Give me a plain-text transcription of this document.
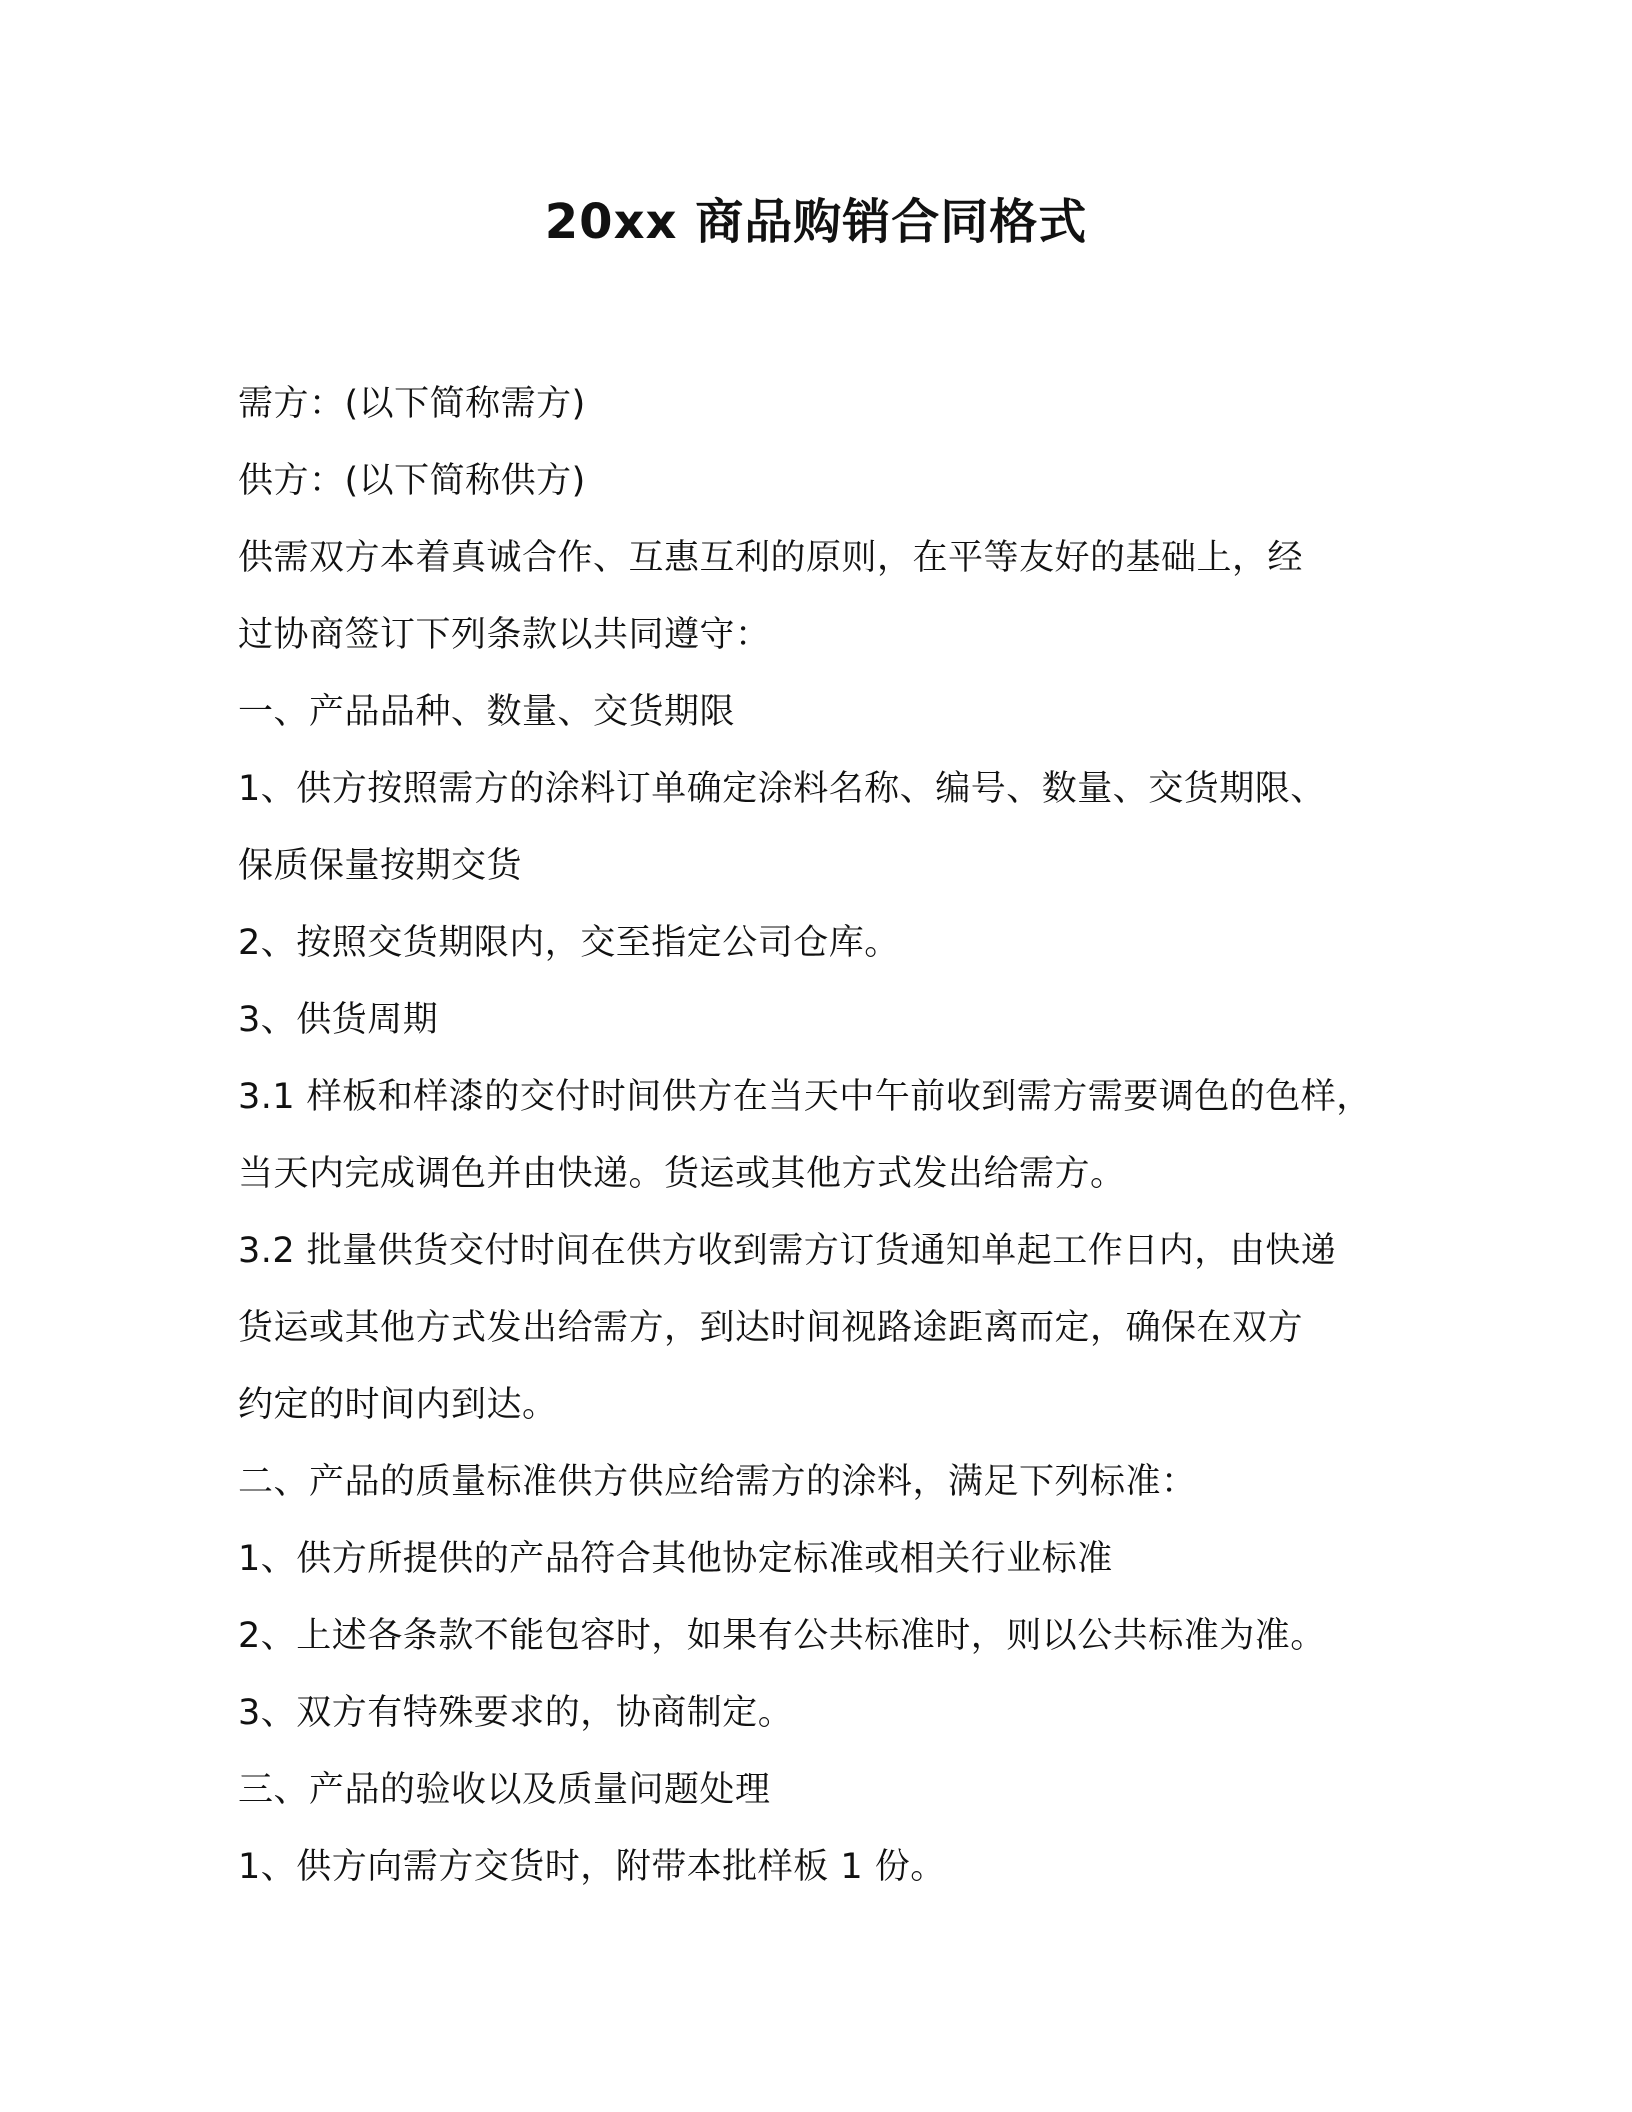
20xx 商品购销合同格式
需方：(以下简称需方)
供方：(以下简称供方)
供需双方本着真诚合作、互惠互利的原则，在平等友好的基础上，经
过协商签订下列条款以共同遵守：
一、产品品种、数量、交货期限
1、供方按照需方的涂料订单确定涂料名称、编号、数量、交货期限、
保质保量按期交货
2、按照交货期限内，交至指定公司仓库。
3、供货周期
3.1 样板和样漆的交付时间供方在当天中午前收到需方需要调色的色样，
当天内完成调色并由快递。货运或其他方式发出给需方。
3.2 批量供货交付时间在供方收到需方订货通知单起工作日内，由快递
货运或其他方式发出给需方，到达时间视路途距离而定，确保在双方
约定的时间内到达。
二、产品的质量标准供方供应给需方的涂料，满足下列标准：
1、供方所提供的产品符合其他协定标准或相关行业标准
2、上述各条款不能包容时，如果有公共标准时，则以公共标准为准。
3、双方有特殊要求的，协商制定。
三、产品的验收以及质量问题处理
1、供方向需方交货时，附带本批样板 1 份。
